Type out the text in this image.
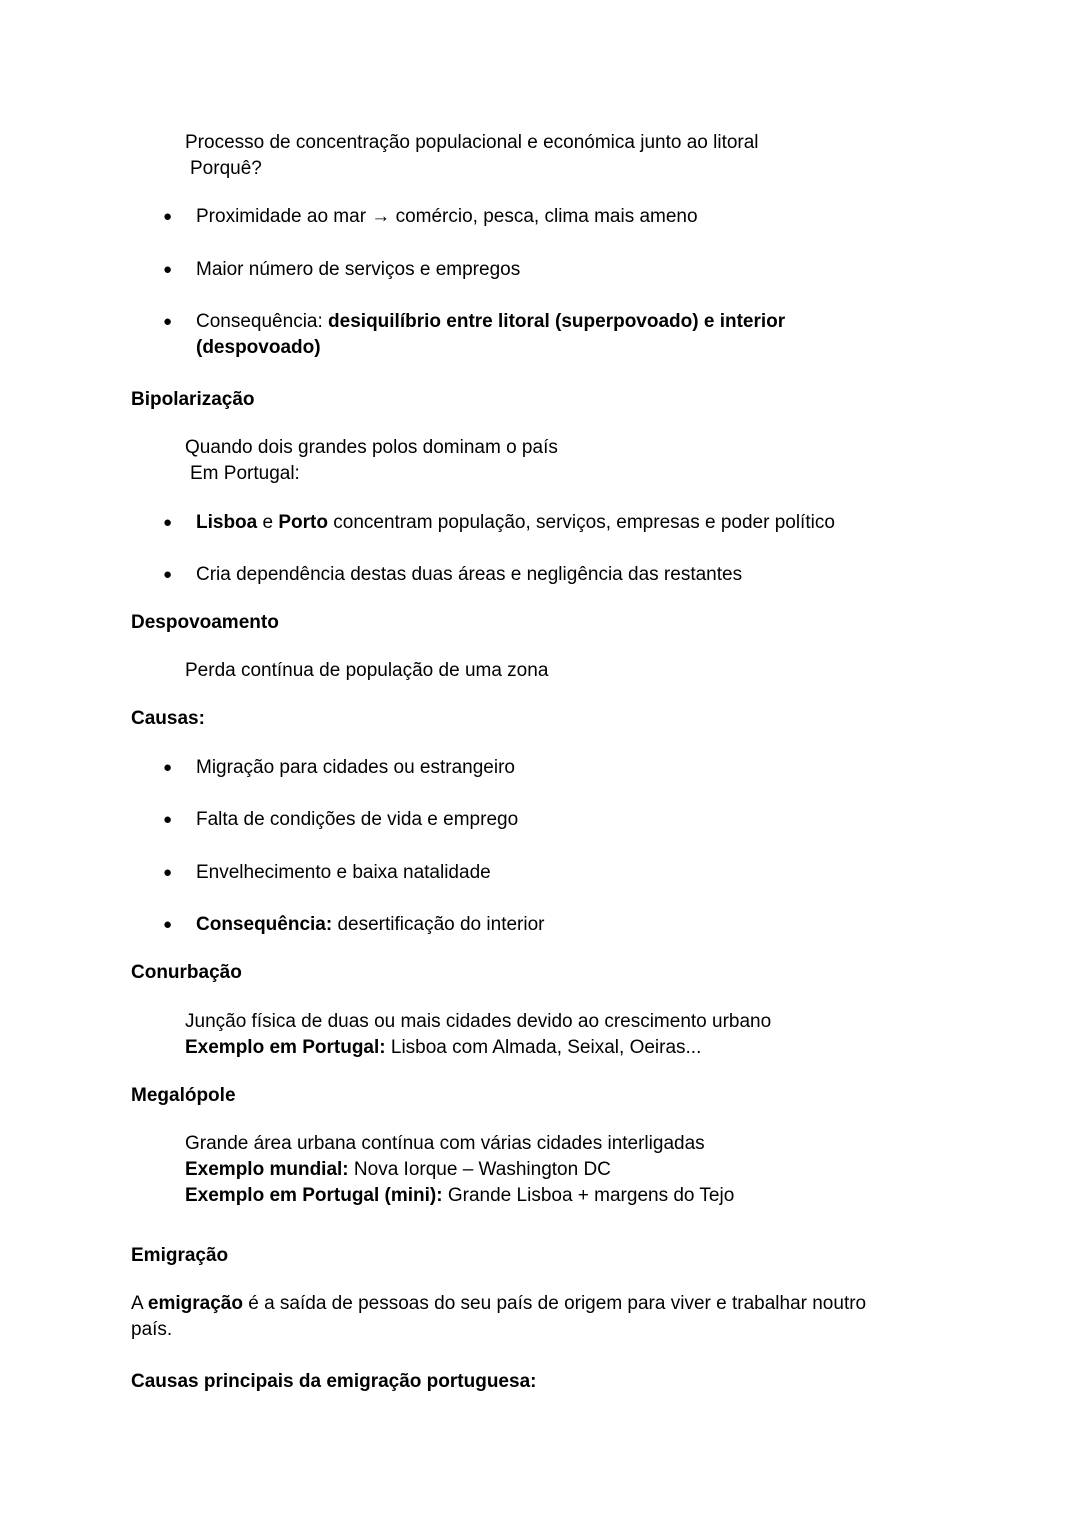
Processo de concentração populacional e económica junto ao litoral
Porquê?
● Proximidade ao mar → comércio, pesca, clima mais ameno
● Maior número de serviços e empregos
● Consequência: desiquilíbrio entre litoral (superpovoado) e interior
(despovoado)
Bipolarização
Quando dois grandes polos dominam o país
Em Portugal:
● Lisboa e Porto concentram população, serviços, empresas e poder político
● Cria dependência destas duas áreas e negligência das restantes
Despovoamento
Perda contínua de população de uma zona
Causas:
● Migração para cidades ou estrangeiro
● Falta de condições de vida e emprego
● Envelhecimento e baixa natalidade
● Consequência: desertificação do interior
Conurbação
Junção física de duas ou mais cidades devido ao crescimento urbano
Exemplo em Portugal: Lisboa com Almada, Seixal, Oeiras...
Megalópole
Grande área urbana contínua com várias cidades interligadas
Exemplo mundial: Nova Iorque – Washington DC
Exemplo em Portugal (mini): Grande Lisboa + margens do Tejo
Emigração
A emigração é a saída de pessoas do seu país de origem para viver e trabalhar noutro
país.
Causas principais da emigração portuguesa:
